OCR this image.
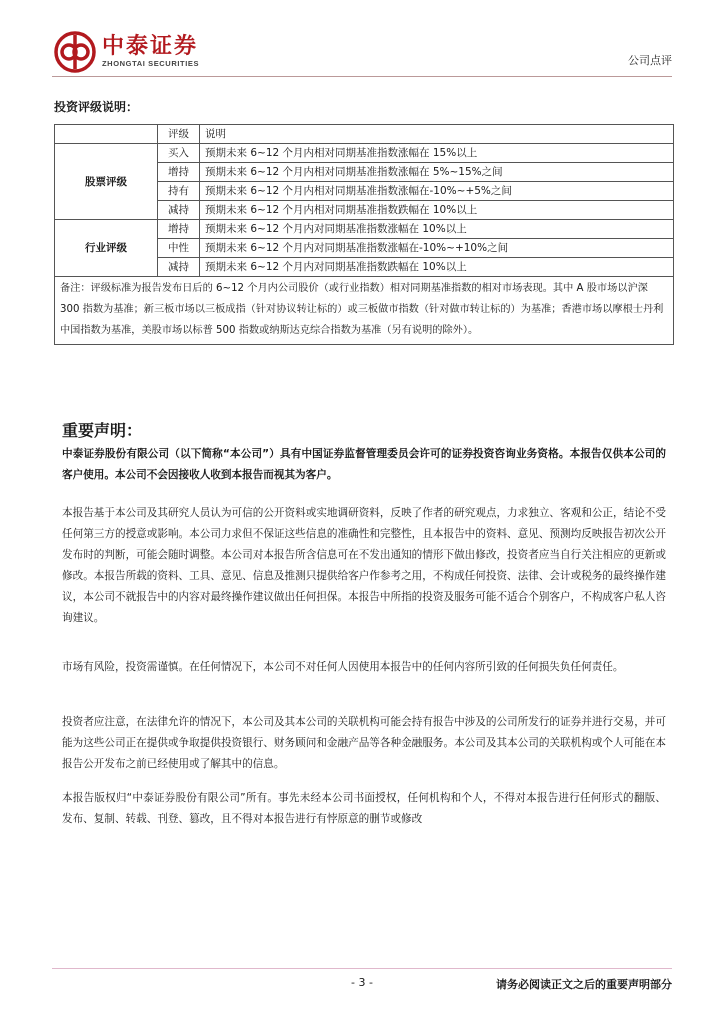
中泰证券
ZHONGTAI SECURITIES	公司点评
投资评级说明：
	评级	说明
股票评级	买入	预期未来 6~12 个月内相对同期基准指数涨幅在 15%以上
	增持	预期未来 6~12 个月内相对同期基准指数涨幅在 5%~15%之间
	持有	预期未来 6~12 个月内相对同期基准指数涨幅在-10%~+5%之间
	减持	预期未来 6~12 个月内相对同期基准指数跌幅在 10%以上
行业评级	增持	预期未来 6~12 个月内对同期基准指数涨幅在 10%以上
	中性	预期未来 6~12 个月内对同期基准指数涨幅在-10%~+10%之间
	减持	预期未来 6~12 个月内对同期基准指数跌幅在 10%以上
备注：评级标准为报告发布日后的 6~12 个月内公司股价（或行业指数）相对同期基准指数的相对市场表现。其中 A 股市场以沪深 300 指数为基准；新三板市场以三板成指（针对协议转让标的）或三板做市指数（针对做市转让标的）为基准；香港市场以摩根士丹利中国指数为基准，美股市场以标普 500 指数或纳斯达克综合指数为基准（另有说明的除外）。		
重要声明：
中泰证券股份有限公司（以下简称“本公司”）具有中国证券监督管理委员会许可的证券投资咨询业务资格。本报告仅供本公司的客户使用。本公司不会因接收人收到本报告而视其为客户。
本报告基于本公司及其研究人员认为可信的公开资料或实地调研资料，反映了作者的研究观点，力求独立、客观和公正，结论不受任何第三方的授意或影响。本公司力求但不保证这些信息的准确性和完整性，且本报告中的资料、意见、预测均反映报告初次公开发布时的判断，可能会随时调整。本公司对本报告所含信息可在不发出通知的情形下做出修改，投资者应当自行关注相应的更新或修改。本报告所载的资料、工具、意见、信息及推测只提供给客户作参考之用，不构成任何投资、法律、会计或税务的最终操作建议，本公司不就报告中的内容对最终操作建议做出任何担保。本报告中所指的投资及服务可能不适合个别客户，不构成客户私人咨询建议。
市场有风险，投资需谨慎。在任何情况下，本公司不对任何人因使用本报告中的任何内容所引致的任何损失负任何责任。
投资者应注意，在法律允许的情况下，本公司及其本公司的关联机构可能会持有报告中涉及的公司所发行的证券并进行交易，并可能为这些公司正在提供或争取提供投资银行、财务顾问和金融产品等各种金融服务。本公司及其本公司的关联机构或个人可能在本报告公开发布之前已经使用或了解其中的信息。
本报告版权归“中泰证券股份有限公司”所有。事先未经本公司书面授权，任何机构和个人，不得对本报告进行任何形式的翻版、发布、复制、转载、刊登、篡改，且不得对本报告进行有悖原意的删节或修改
- 3 -	请务必阅读正文之后的重要声明部分
